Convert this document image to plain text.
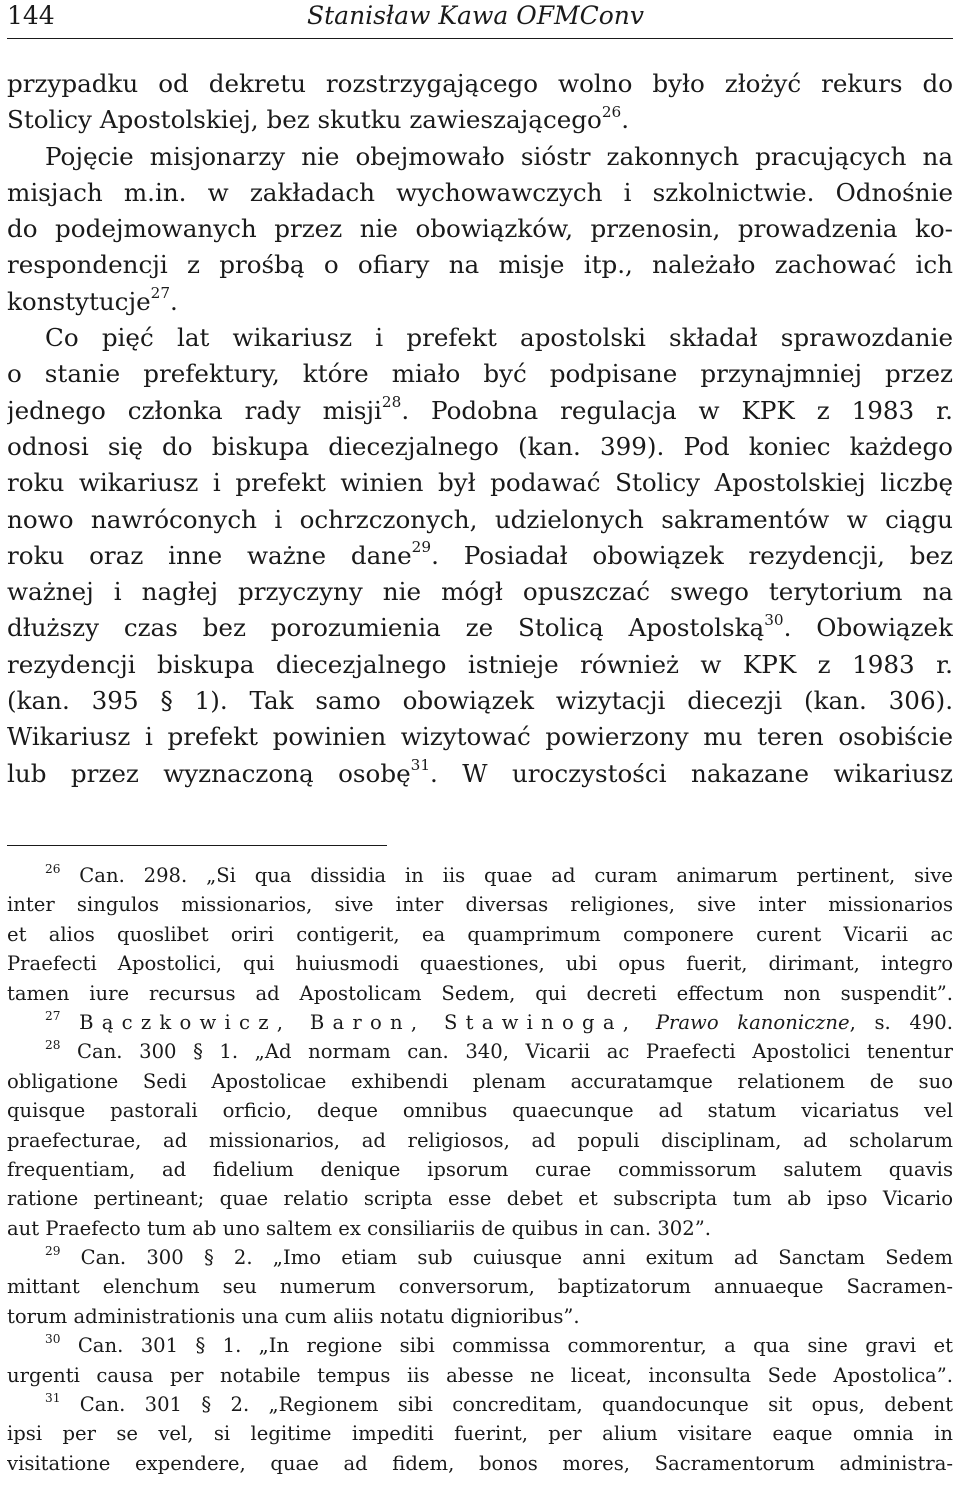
144	Stanisław Kawa OFMConv
przypadku od dekretu rozstrzygającego wolno było złożyć rekurs do
Stolicy Apostolskiej, bez skutku zawieszającego$^{26}$.
Pojęcie misjonarzy nie obejmowało sióstr zakonnych pracujących na
misjach m.in. w zakładach wychowawczych i szkolnictwie. Odnośnie
do podejmowanych przez nie obowiązków, przenosin, prowadzenia ko-
respondencji z prośbą o ofiary na misje itp., należało zachować ich
konstytucje$^{27}$.
Co pięć lat wikariusz i prefekt apostolski składał sprawozdanie
o stanie prefektury, które miało być podpisane przynajmniej przez
jednego członka rady misji$^{28}$. Podobna regulacja w KPK z 1983 r.
odnosi się do biskupa diecezjalnego (kan. 399). Pod koniec każdego
roku wikariusz i prefekt winien był podawać Stolicy Apostolskiej liczbę
nowo nawróconych i ochrzczonych, udzielonych sakramentów w ciągu
roku oraz inne ważne dane$^{29}$. Posiadał obowiązek rezydencji, bez
ważnej i nagłej przyczyny nie mógł opuszczać swego terytorium na
dłuższy czas bez porozumienia ze Stolicą Apostolską$^{30}$. Obowiązek
rezydencji biskupa diecezjalnego istnieje również w KPK z 1983 r.
(kan. 395 § 1). Tak samo obowiązek wizytacji diecezji (kan. 306).
Wikariusz i prefekt powinien wizytować powierzony mu teren osobiście
lub przez wyznaczoną osobę$^{31}$. W uroczystości nakazane wikariusz
$^{26}$ Can. 298. „Si qua dissidia in iis quae ad curam animarum pertinent, sive
inter singulos missionarios, sive inter diversas religiones, sive inter missionarios
et alios quoslibet oriri contigerit, ea quamprimum componere curent Vicarii ac
Praefecti Apostolici, qui huiusmodi quaestiones, ubi opus fuerit, dirimant, integro
tamen iure recursus ad Apostolicam Sedem, qui decreti effectum non suspendit”.
$^{27}$ Bączkowicz, Baron, Stawinoga, Prawo kanoniczne, s. 490.
$^{28}$ Can. 300 § 1. „Ad normam can. 340, Vicarii ac Praefecti Apostolici tenentur
obligatione Sedi Apostolicae exhibendi plenam accuratamque relationem de suo
quisque pastorali orficio, deque omnibus quaecunque ad statum vicariatus vel
praefecturae, ad missionarios, ad religiosos, ad populi disciplinam, ad scholarum
frequentiam, ad fidelium denique ipsorum curae commissorum salutem quavis
ratione pertineant; quae relatio scripta esse debet et subscripta tum ab ipso Vicario
aut Praefecto tum ab uno saltem ex consiliariis de quibus in can. 302”.
$^{29}$ Can. 300 § 2. „Imo etiam sub cuiusque anni exitum ad Sanctam Sedem
mittant elenchum seu numerum conversorum, baptizatorum annuaeque Sacramen-
torum administrationis una cum aliis notatu dignioribus”.
$^{30}$ Can. 301 § 1. „In regione sibi commissa commorentur, a qua sine gravi et
urgenti causa per notabile tempus iis abesse ne liceat, inconsulta Sede Apostolica”.
$^{31}$ Can. 301 § 2. „Regionem sibi concreditam, quandocunque sit opus, debent
ipsi per se vel, si legitime impediti fuerint, per alium visitare eaque omnia in
visitatione expendere, quae ad fidem, bonos mores, Sacramentorum administra-
